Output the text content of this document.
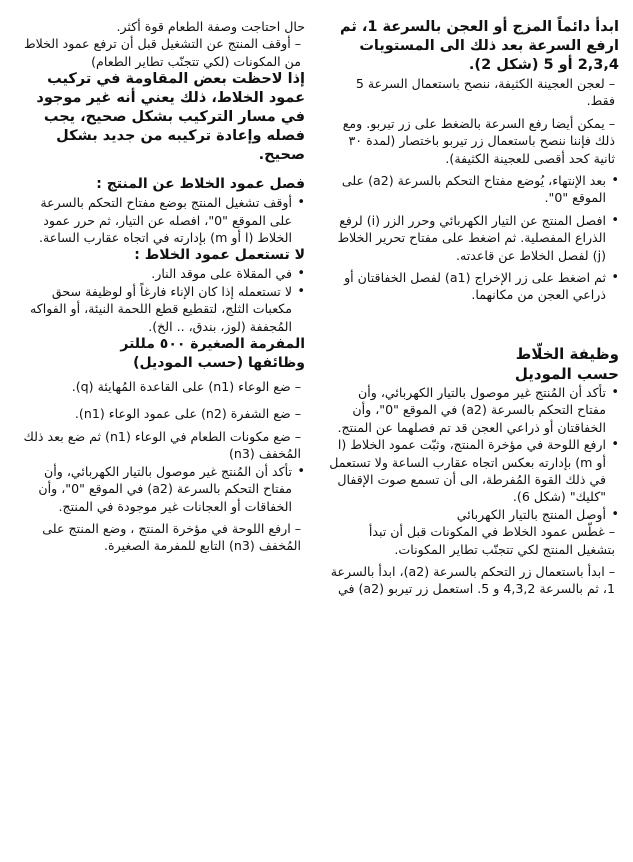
ابدأ دائماً المزج أو العجن بالسرعة 1، ثم ارفع السرعة بعد ذلك الى المستويات 2,3,4 أو 5 (شكل 2).

– لعجن العجينة الكثيفة، ننصح باستعمال السرعة 5 فقط.

– يمكن أيضا رفع السرعة بالضغط على زر تيربو. ومع ذلك فإننا ننصح باستعمال زر تيربو باختصار (لمدة ٣٠ ثانية كحد أقصى للعجينة الكثيفة).

• بعد الإنتهاء، يُوضع مفتاح التحكم بالسرعة (a2) على الموقع "0".

• افصل المنتج عن التيار الكهربائي وحرر الزر (i) لرفع الذراع المفصلية. ثم اضغط على مفتاح تحرير الخلاط (j) لفصل الخلاط عن قاعدته.

• ثم اضغط على زر الإخراج (a1) لفصل الخفاقتان أو ذراعي العجن من مكانهما.

وظيفة الخلّاط

حسب الموديل

• تأكد أن المُنتج غير موصول بالتيار الكهربائي، وأن مفتاح التحكم بالسرعة (a2) في الموقع "0"، وأن الخفاقتان أو ذراعي العجن قد تم فصلهما عن المنتج.

• ارفع اللوحة في مؤخرة المنتج، وثبّت عمود الخلاط (l أو m) بإدارته بعكس اتجاه عقارب الساعة ولا تستعمل في ذلك القوة المُفرطة، الى أن تسمع صوت الإقفال "كليك" (شكل 6).

• أوصل المنتج بالتيار الكهربائي

– غطّس عمود الخلاط في المكونات قبل أن تبدأ بتشغيل المنتج لكي تتجنّب تطاير المكونات.

– ابدأ باستعمال زر التحكم بالسرعة (a2)، ابدأ بالسرعة 1، ثم بالسرعة 4,3,2 و 5. استعمل زر تيربو (a2) في

حال احتاجت وصفة الطعام قوة أكثر.

– أوقف المنتج عن التشغيل قبل أن ترفع عمود الخلاط من المكونات (لكي تتجنّب تطاير الطعام)

إذا لاحظت بعض المقاومة في تركيب عمود الخلاط، ذلك يعني أنه غير موجود في مسار التركيب بشكل صحيح، يجب فصله وإعادة تركيبه من جديد بشكل صحيح.

فصل عمود الخلاط عن المنتج :

• أوقف تشغيل المنتج بوضع مفتاح التحكم بالسرعة على الموقع "0"، افصله عن التيار، ثم حرر عمود الخلاط (l أو m) بإدارته في اتجاه عقارب الساعة.

لا تستعمل عمود الخلاط :

• في المقلاة على موقد النار.

• لا تستعمله إذا كان الإناء فارغاً أو لوظيفة سحق مكعبات الثلج، لتقطيع قطع اللحمة النيئة، أو الفواكه المُجففة (لوز، بندق، .. الخ).

المفرمة الصغيرة ٥٠٠ مللتر

وظائفها (حسب الموديل)

– ضع الوعاء (n1) على القاعدة المُهايئة (q).

– ضع الشفرة (n2) على عمود الوعاء (n1).

– ضع مكونات الطعام في الوعاء (n1) ثم ضع بعد ذلك المُخفف (n3)

• تأكد أن المُنتج غير موصول بالتيار الكهربائي، وأن مفتاح التحكم بالسرعة (a2) في الموقع "0"، وأن الخفاقات أو العجانات غير موجودة في المنتج.

– ارفع اللوحة في مؤخرة المنتج ، وضع المنتج على المُخفف (n3) التابع للمفرمة الصغيرة.
